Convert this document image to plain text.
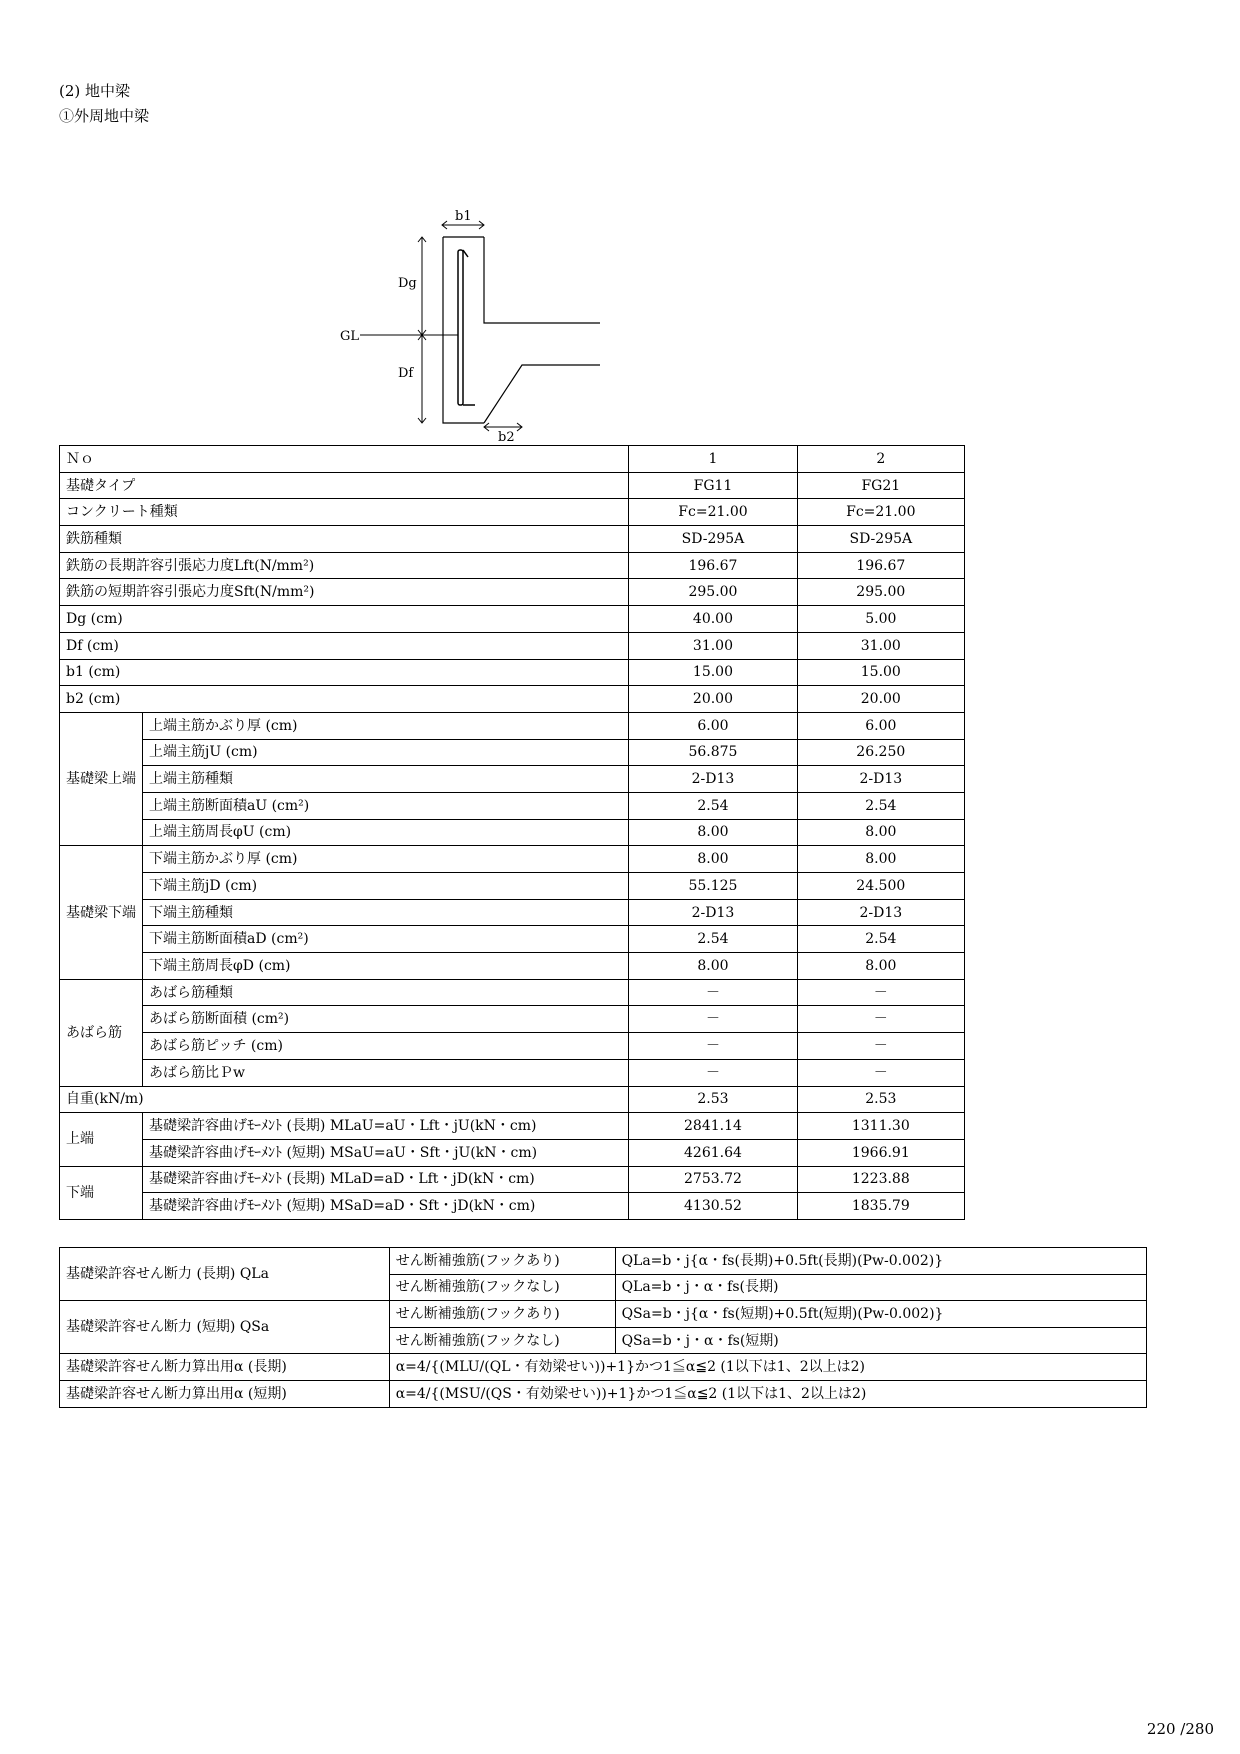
(2) 地中梁
①外周地中梁
b1
Dg
Df
GL
b2
Ｎｏ		1	2
基礎タイプ		FG11	FG21
コンクリート種類		Fc=21.00	Fc=21.00
鉄筋種類		SD-295A	SD-295A
鉄筋の長期許容引張応力度Lft(N/mm²)		196.67	196.67
鉄筋の短期許容引張応力度Sft(N/mm²)		295.00	295.00
Dg (cm)		40.00	5.00
Df (cm)		31.00	31.00
b1 (cm)		15.00	15.00
b2 (cm)		20.00	20.00
基礎梁上端	上端主筋かぶり厚 (cm)	6.00	6.00
	上端主筋jU (cm)	56.875	26.250
	上端主筋種類	2-D13	2-D13
	上端主筋断面積aU (cm²)	2.54	2.54
	上端主筋周長φU (cm)	8.00	8.00
基礎梁下端	下端主筋かぶり厚 (cm)	8.00	8.00
	下端主筋jD (cm)	55.125	24.500
	下端主筋種類	2-D13	2-D13
	下端主筋断面積aD (cm²)	2.54	2.54
	下端主筋周長φD (cm)	8.00	8.00
あばら筋	あばら筋種類	－	－
	あばら筋断面積 (cm²)	－	－
	あばら筋ピッチ (cm)	－	－
	あばら筋比Ｐw	－	－
自重(kN/m)		2.53	2.53
上端	基礎梁許容曲げﾓｰﾒﾝﾄ (長期) MLaU=aU・Lft・jU(kN・cm)	2841.14	1311.30
	基礎梁許容曲げﾓｰﾒﾝﾄ (短期) MSaU=aU・Sft・jU(kN・cm)	4261.64	1966.91
下端	基礎梁許容曲げﾓｰﾒﾝﾄ (長期) MLaD=aD・Lft・jD(kN・cm)	2753.72	1223.88
	基礎梁許容曲げﾓｰﾒﾝﾄ (短期) MSaD=aD・Sft・jD(kN・cm)	4130.52	1835.79
基礎梁許容せん断力 (長期) QLa	せん断補強筋(フックあり)	QLa=b・j{α・fs(長期)+0.5ft(長期)(Pw-0.002)}
	せん断補強筋(フックなし)	QLa=b・j・α・fs(長期)
基礎梁許容せん断力 (短期) QSa	せん断補強筋(フックあり)	QSa=b・j{α・fs(短期)+0.5ft(短期)(Pw-0.002)}
	せん断補強筋(フックなし)	QSa=b・j・α・fs(短期)
基礎梁許容せん断力算出用α (長期)	α=4/{(MLU/(QL・有効梁せい))+1}かつ1≦α≦2 (1以下は1、2以上は2)	
基礎梁許容せん断力算出用α (短期)	α=4/{(MSU/(QS・有効梁せい))+1}かつ1≦α≦2 (1以下は1、2以上は2)	
220 /280
